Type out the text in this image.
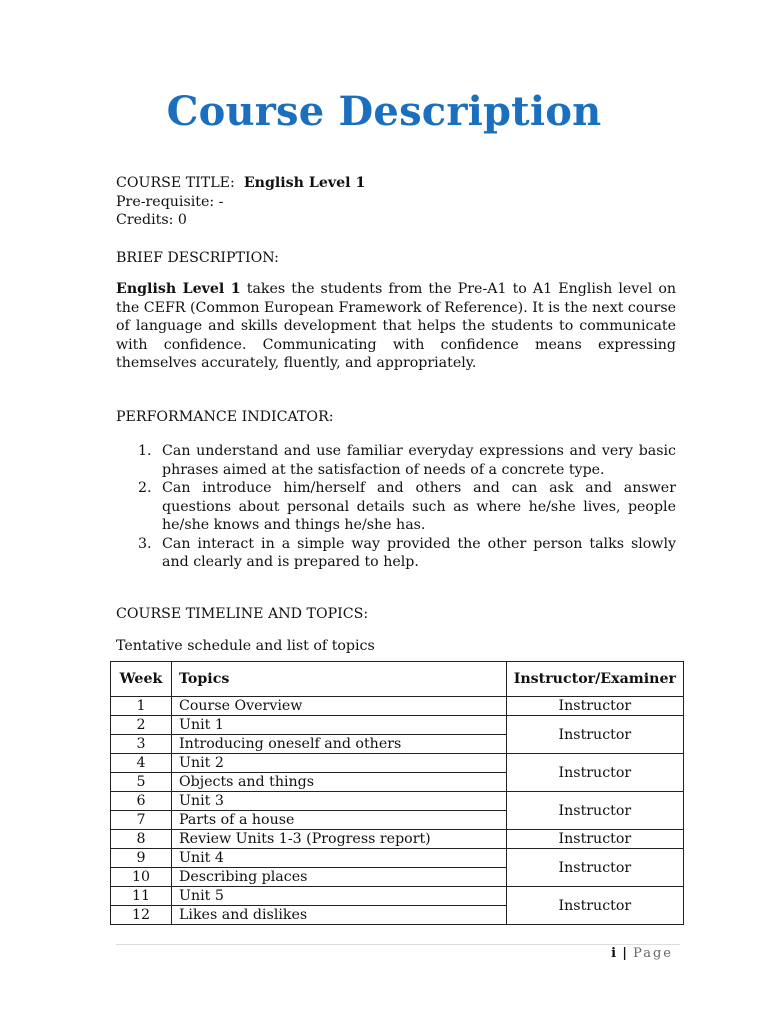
Course Description
COURSE TITLE: English Level 1
Pre-requisite: -
Credits: 0
BRIEF DESCRIPTION:
English Level 1 takes the students from the Pre-A1 to A1 English level on the CEFR (Common European Framework of Reference). It is the next course of language and skills development that helps the students to communicate with confidence. Communicating with confidence means expressing themselves accurately, fluently, and appropriately.
PERFORMANCE INDICATOR:
1. Can understand and use familiar everyday expressions and very basic phrases aimed at the satisfaction of needs of a concrete type.
2. Can introduce him/herself and others and can ask and answer questions about personal details such as where he/she lives, people he/she knows and things he/she has.
3. Can interact in a simple way provided the other person talks slowly and clearly and is prepared to help.
COURSE TIMELINE AND TOPICS:
Tentative schedule and list of topics
Week	Topics	Instructor/Examiner
1	Course Overview	Instructor
2	Unit 1	Instructor
3	Introducing oneself and others	
4	Unit 2	Instructor
5	Objects and things	
6	Unit 3	Instructor
7	Parts of a house	
8	Review Units 1-3 (Progress report)	Instructor
9	Unit 4	Instructor
10	Describing places	
11	Unit 5	Instructor
12	Likes and dislikes	
i | Page
